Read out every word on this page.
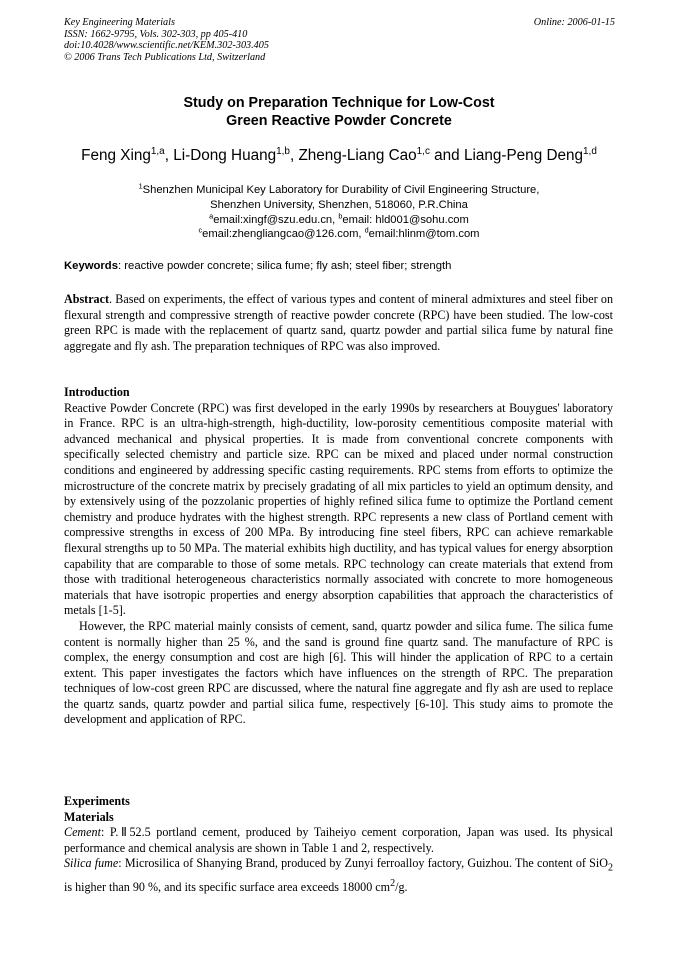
Key Engineering Materials
ISSN: 1662-9795, Vols. 302-303, pp 405-410
doi:10.4028/www.scientific.net/KEM.302-303.405
© 2006 Trans Tech Publications Ltd, Switzerland
Online: 2006-01-15
Study on Preparation Technique for Low-Cost
Green Reactive Powder Concrete
Feng Xing$^{1,a}$, Li-Dong Huang$^{1,b}$, Zheng-Liang Cao$^{1,c}$ and Liang-Peng Deng$^{1,d}$
$^1$Shenzhen Municipal Key Laboratory for Durability of Civil Engineering Structure,
Shenzhen University, Shenzhen, 518060, P.R.China
$^a$email:xingf@szu.edu.cn, $^b$email: hld001@sohu.com
$^c$email:zhengliangcao@126.com, $^d$email:hlinm@tom.com
Keywords: reactive powder concrete; silica fume; fly ash; steel fiber; strength

Abstract. Based on experiments, the effect of various types and content of mineral admixtures and steel fiber on flexural strength and compressive strength of reactive powder concrete (RPC) have been studied. The low-cost green RPC is made with the replacement of quartz sand, quartz powder and partial silica fume by natural fine aggregate and fly ash. The preparation techniques of RPC was also improved.

Introduction

Reactive Powder Concrete (RPC) was first developed in the early 1990s by researchers at Bouygues' laboratory in France. RPC is an ultra-high-strength, high-ductility, low-porosity cementitious composite material with advanced mechanical and physical properties. It is made from conventional concrete components with specifically selected chemistry and particle size. RPC can be mixed and placed under normal construction conditions and engineered by addressing specific casting requirements. RPC stems from efforts to optimize the microstructure of the concrete matrix by precisely gradating of all mix particles to yield an optimum density, and by extensively using of the pozzolanic properties of highly refined silica fume to optimize the Portland cement chemistry and produce hydrates with the highest strength. RPC represents a new class of Portland cement with compressive strengths in excess of 200 MPa. By introducing fine steel fibers, RPC can achieve remarkable flexural strengths up to 50 MPa. The material exhibits high ductility, and has typical values for energy absorption capability that are comparable to those of some metals. RPC technology can create materials that extend from those with traditional heterogeneous characteristics normally associated with concrete to more homogeneous materials that have isotropic properties and energy absorption capabilities that approach the characteristics of metals [1-5].

However, the RPC material mainly consists of cement, sand, quartz powder and silica fume. The silica fume content is normally higher than 25 %, and the sand is ground fine quartz sand. The manufacture of RPC is complex, the energy consumption and cost are high [6]. This will hinder the application of RPC to a certain extent. This paper investigates the factors which have influences on the strength of RPC. The preparation techniques of low-cost green RPC are discussed, where the natural fine aggregate and fly ash are used to replace the quartz sands, quartz powder and partial silica fume, respectively [6-10]. This study aims to promote the development and application of RPC.

Experiments

Materials

Cement: P.Ⅱ52.5 portland cement, produced by Taiheiyo cement corporation, Japan was used. Its physical performance and chemical analysis are shown in Table 1 and 2, respectively.

Silica fume: Microsilica of Shanying Brand, produced by Zunyi ferroalloy factory, Guizhou. The content of SiO$_2$ is higher than 90 %, and its specific surface area exceeds 18000 $cm^2/g$.
